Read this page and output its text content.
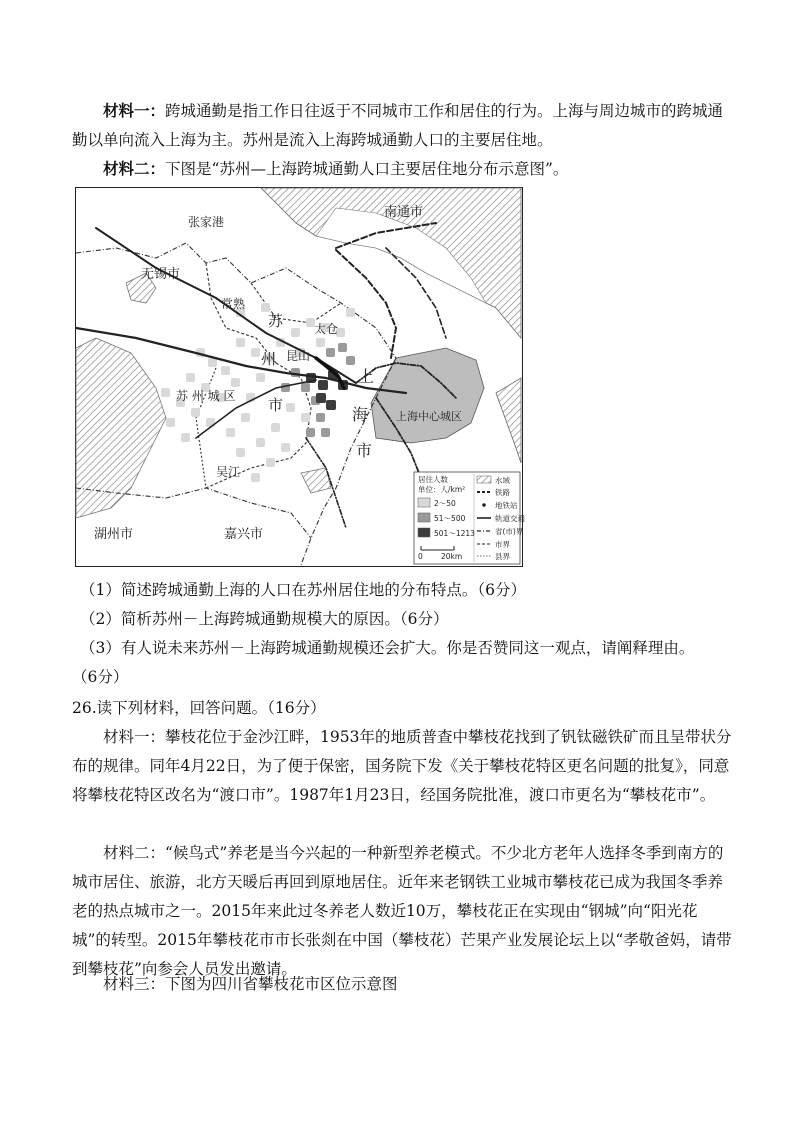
材料一：跨城通勤是指工作日往返于不同城市工作和居住的行为。上海与周边城市的跨城通勤以单向流入上海为主。苏州是流入上海跨城通勤人口的主要居住地。

材料二：下图是“苏州—上海跨城通勤人口主要居住地分布示意图”。

张家港
南通市
无锡市
常熟
苏	太仓
州 昆山
苏 州 城 区 市
上
海
市
上海中心城区
吴江
湖州市	嘉兴市
居住人数
单位：人/km²
2～50
51～500
501～1213
0 20km
水域
铁路
地铁站
轨道交通
省(市)界
市界
县界
（1）简述跨城通勤上海的人口在苏州居住地的分布特点。（6分）
（2）简析苏州－上海跨城通勤规模大的原因。（6分）
（3）有人说未来苏州－上海跨城通勤规模还会扩大。你是否赞同这一观点，请阐释理由。
（6分）
26.读下列材料，回答问题。（16分）

材料一：攀枝花位于金沙江畔，1953年的地质普查中攀枝花找到了钒钛磁铁矿而且呈带状分布的规律。同年4月22日，为了便于保密，国务院下发《关于攀枝花特区更名问题的批复》，同意将攀枝花特区改名为“渡口市”。1987年1月23日，经国务院批准，渡口市更名为“攀枝花市”。

材料二：“候鸟式”养老是当今兴起的一种新型养老模式。不少北方老年人选择冬季到南方的城市居住、旅游，北方天暖后再回到原地居住。近年来老钢铁工业城市攀枝花已成为我国冬季养老的热点城市之一。2015年来此过冬养老人数近10万，攀枝花正在实现由“钢城”向“阳光花城”的转型。2015年攀枝花市市长张剡在中国（攀枝花）芒果产业发展论坛上以“孝敬爸妈，请带到攀枝花”向参会人员发出邀请。

材料三：下图为四川省攀枝花市区位示意图
